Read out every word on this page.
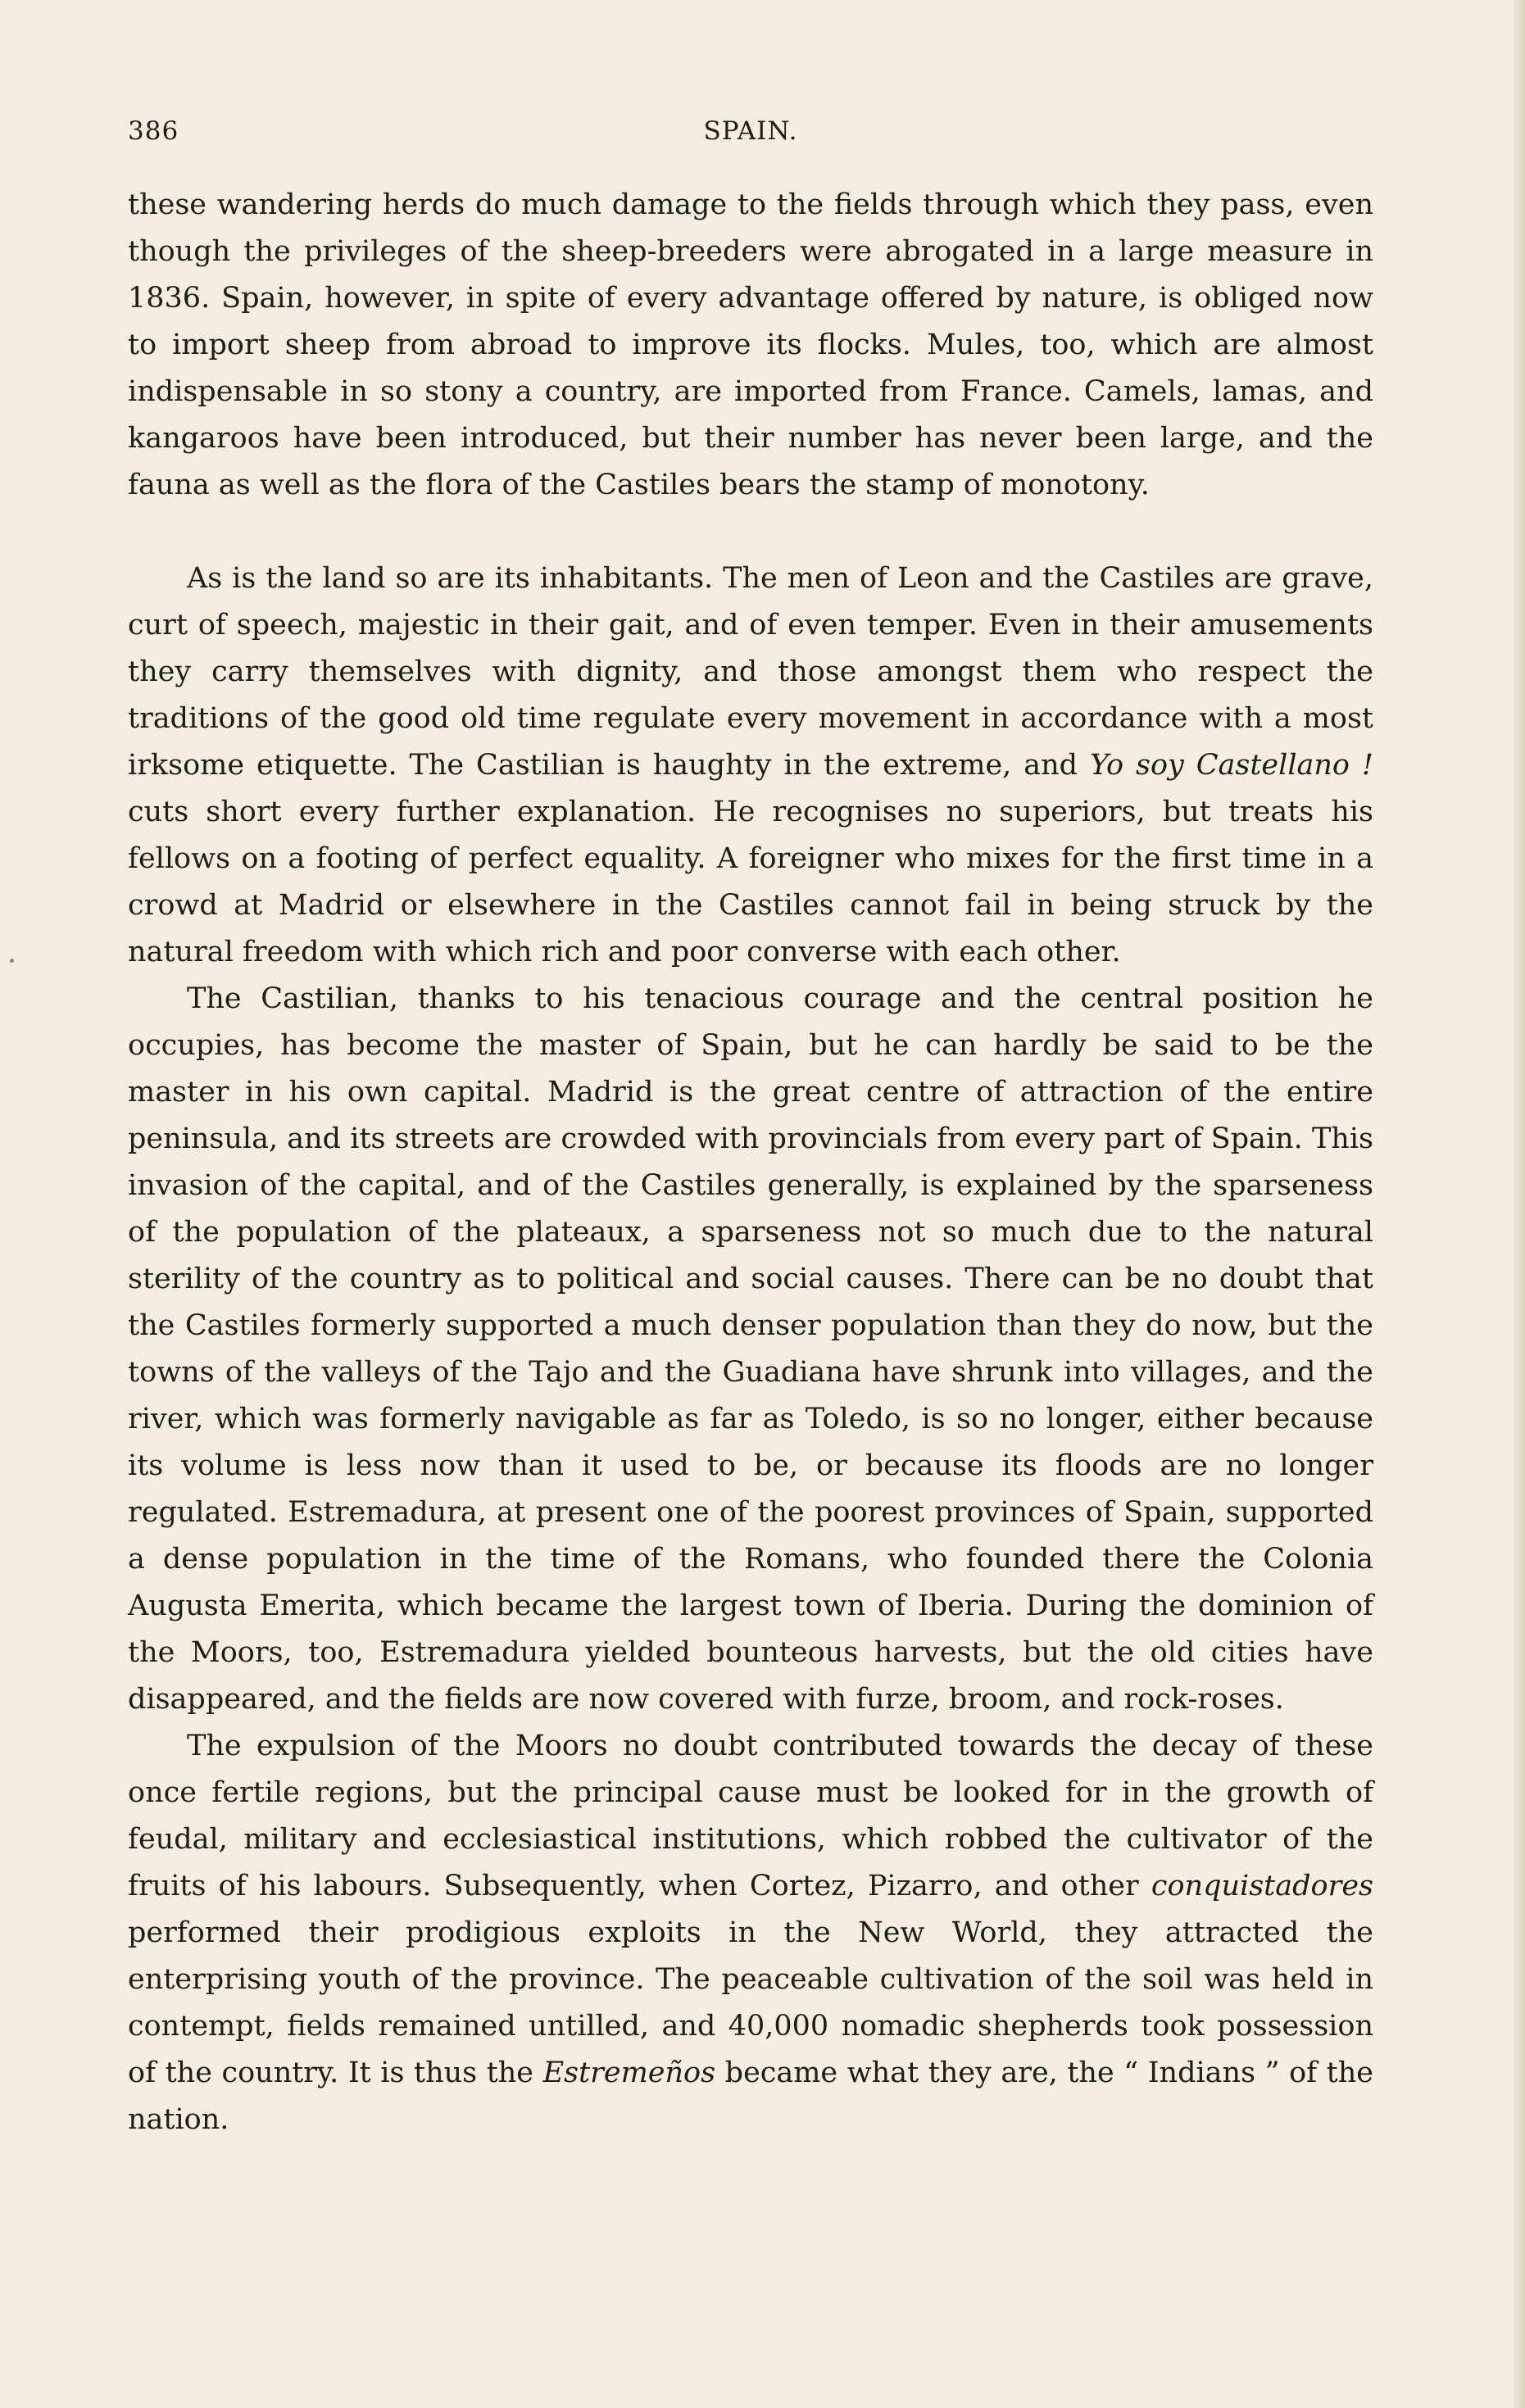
386	SPAIN.

these wandering herds do much damage to the fields through which they pass, even though the privileges of the sheep-breeders were abrogated in a large measure in 1836. Spain, however, in spite of every advantage offered by nature, is obliged now to import sheep from abroad to improve its flocks. Mules, too, which are almost indispensable in so stony a country, are imported from France. Camels, lamas, and kangaroos have been introduced, but their number has never been large, and the fauna as well as the flora of the Castiles bears the stamp of monotony.

As is the land so are its inhabitants. The men of Leon and the Castiles are grave, curt of speech, majestic in their gait, and of even temper. Even in their amusements they carry themselves with dignity, and those amongst them who respect the traditions of the good old time regulate every movement in accordance with a most irksome etiquette. The Castilian is haughty in the extreme, and Yo soy Castellano ! cuts short every further explanation. He recognises no superiors, but treats his fellows on a footing of perfect equality. A foreigner who mixes for the first time in a crowd at Madrid or elsewhere in the Castiles cannot fail in being struck by the natural freedom with which rich and poor converse with each other.

The Castilian, thanks to his tenacious courage and the central position he occupies, has become the master of Spain, but he can hardly be said to be the master in his own capital. Madrid is the great centre of attraction of the entire peninsula, and its streets are crowded with provincials from every part of Spain. This invasion of the capital, and of the Castiles generally, is explained by the sparseness of the population of the plateaux, a sparseness not so much due to the natural sterility of the country as to political and social causes. There can be no doubt that the Castiles formerly supported a much denser population than they do now, but the towns of the valleys of the Tajo and the Guadiana have shrunk into villages, and the river, which was formerly navigable as far as Toledo, is so no longer, either because its volume is less now than it used to be, or because its floods are no longer regulated. Estremadura, at present one of the poorest provinces of Spain, supported a dense population in the time of the Romans, who founded there the Colonia Augusta Emerita, which became the largest town of Iberia. During the dominion of the Moors, too, Estremadura yielded bounteous harvests, but the old cities have disappeared, and the fields are now covered with furze, broom, and rock-roses.

The expulsion of the Moors no doubt contributed towards the decay of these once fertile regions, but the principal cause must be looked for in the growth of feudal, military and ecclesiastical institutions, which robbed the cultivator of the fruits of his labours. Subsequently, when Cortez, Pizarro, and other conquistadores performed their prodigious exploits in the New World, they attracted the enterprising youth of the province. The peaceable cultivation of the soil was held in contempt, fields remained untilled, and 40,000 nomadic shepherds took possession of the country. It is thus the Estremeños became what they are, the “ Indians ” of the nation.
